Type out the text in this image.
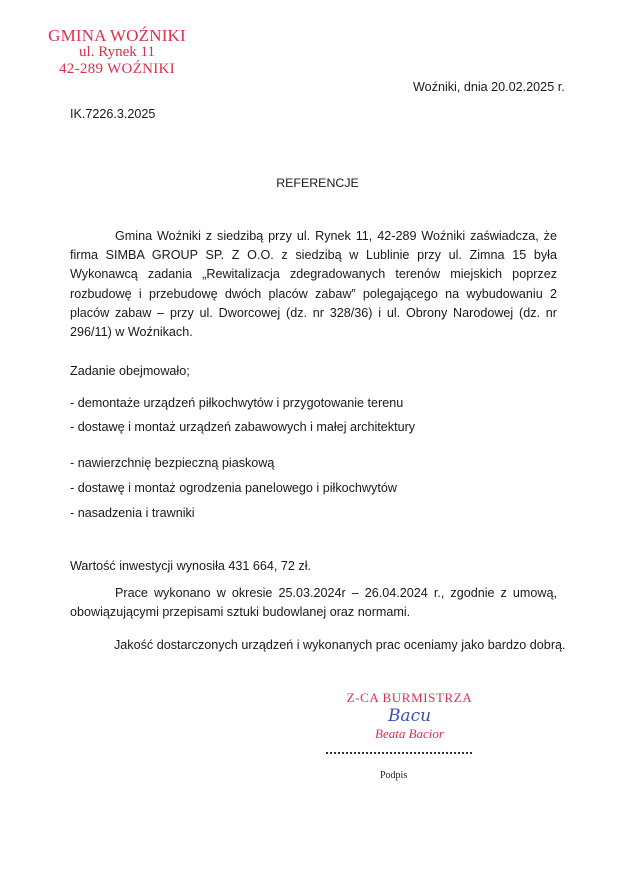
GMINA WOŹNIKI
ul. Rynek 11
42-289 WOŹNIKI
Woźniki, dnia 20.02.2025 r.
IK.7226.3.2025
REFERENCJE
Gmina Woźniki z siedzibą przy ul. Rynek 11, 42-289 Woźniki zaświadcza, że firma SIMBA GROUP SP. Z O.O. z siedzibą w Lublinie przy ul. Zimna 15 była Wykonawcą zadania „Rewitalizacja zdegradowanych terenów miejskich poprzez rozbudowę i przebudowę dwóch placów zabaw” polegającego na wybudowaniu 2 placów zabaw – przy ul. Dworcowej (dz. nr 328/36) i ul. Obrony Narodowej (dz. nr 296/11) w Woźnikach.
Zadanie obejmowało;
- demontaże urządzeń piłkochwytów i przygotowanie terenu
- dostawę i montaż urządzeń zabawowych i małej architektury
- nawierzchnię bezpieczną piaskową
- dostawę i montaż ogrodzenia panelowego i piłkochwytów
- nasadzenia i trawniki
Wartość inwestycji wynosiła 431 664, 72 zł.
Prace wykonano w okresie 25.03.2024r – 26.04.2024 r., zgodnie z umową, obowiązującymi przepisami sztuki budowlanej oraz normami.
Jakość dostarczonych urządzeń i wykonanych prac oceniamy jako bardzo dobrą.
Z-CA BURMISTRZA
Bacu
Beata Bacior
Podpis
